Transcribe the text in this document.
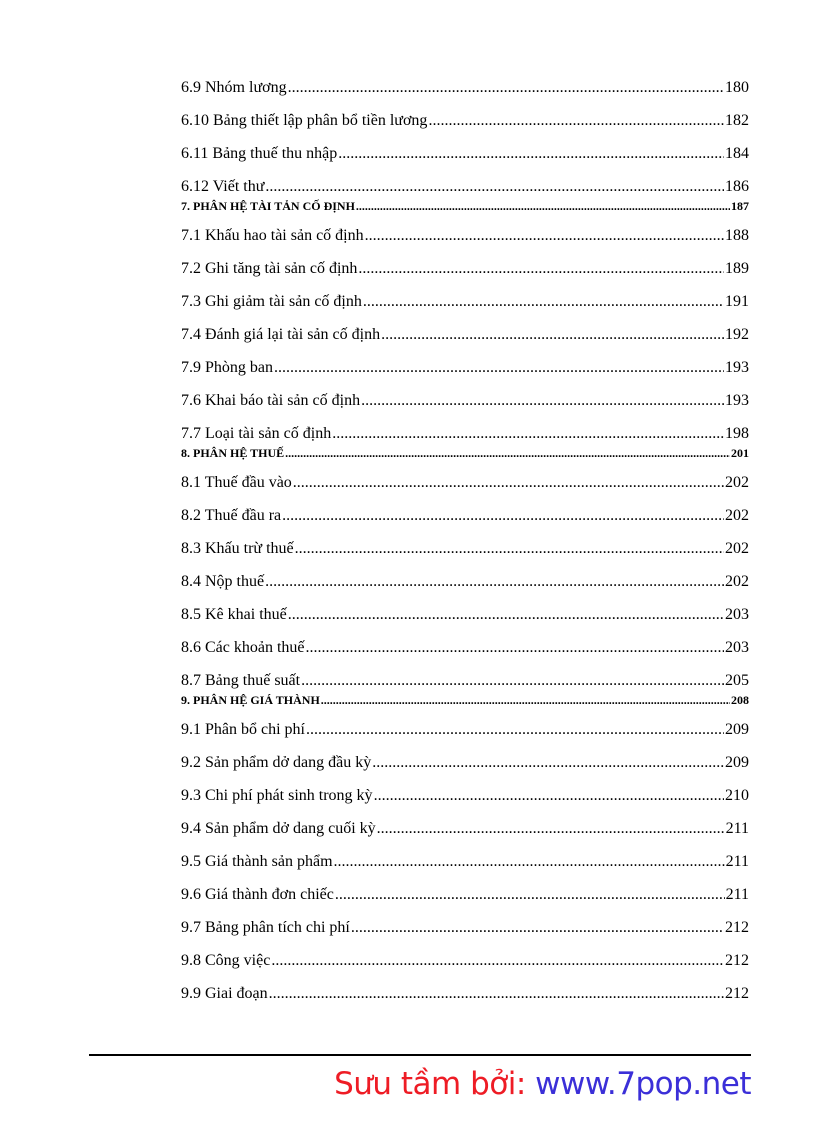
6.9 Nhóm lương .....	180
6.10 Bảng thiết lập phân bổ tiền lương .....	182
6.11 Bảng thuế thu nhập .....	184
6.12 Viết thư .....	186
7. PHÂN HỆ TÀI TẢN CỐ ĐỊNH .....	187
7.1 Khấu hao tài sản cố định .....	188
7.2 Ghi tăng tài sản cố định .....	189
7.3 Ghi giảm tài sản cố định .....	191
7.4 Đánh giá lại tài sản cố định .....	192
7.9 Phòng ban .....	193
7.6 Khai báo tài sản cố định .....	193
7.7 Loại tài sản cố định .....	198
8. PHÂN HỆ THUẾ .....	201
8.1 Thuế đầu vào .....	202
8.2 Thuế đầu ra .....	202
8.3 Khấu trừ thuế .....	202
8.4 Nộp thuế .....	202
8.5 Kê khai thuế .....	203
8.6 Các khoản thuế .....	203
8.7 Bảng thuế suất .....	205
9. PHÂN HỆ GIÁ THÀNH .....	208
9.1 Phân bổ chi phí .....	209
9.2 Sản phẩm dở dang đầu kỳ .....	209
9.3 Chi phí phát sinh trong kỳ .....	210
9.4 Sản phẩm dở dang cuối kỳ .....	211
9.5 Giá thành sản phẩm .....	211
9.6 Giá thành đơn chiếc .....	211
9.7 Bảng phân tích chi phí .....	212
9.8 Công việc .....	212
9.9 Giai đoạn .....	212
Sưu tầm bởi: www.7pop.net
